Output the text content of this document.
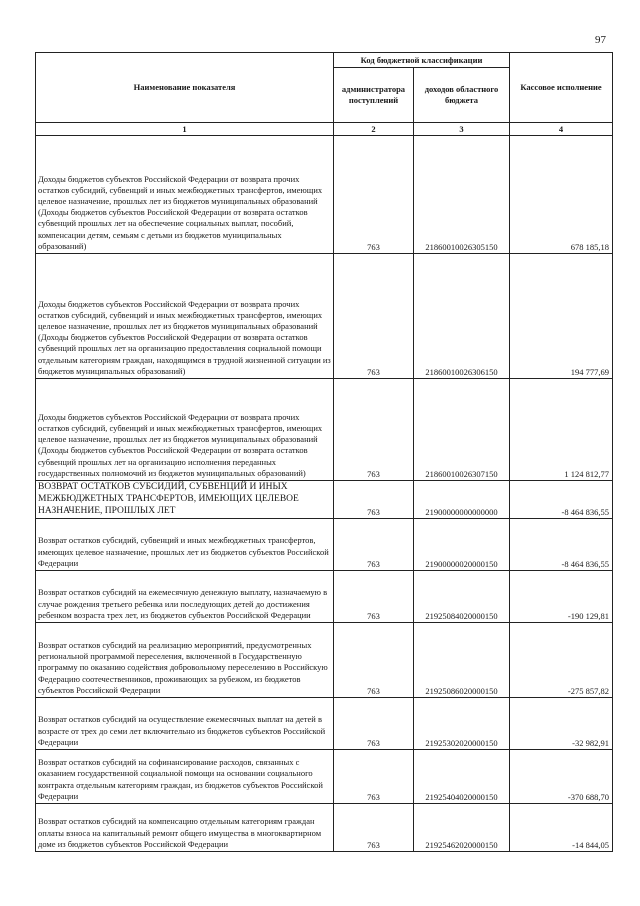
97
Наименование показателя	Код бюджетной классификации		Кассовое исполнение
	администратора поступлений	доходов областного бюджета	
1	2	3	4
Доходы бюджетов субъектов Российской Федерации от возврата прочих остатков субсидий, субвенций и иных межбюджетных трансфертов, имеющих целевое назначение, прошлых лет из бюджетов муниципальных образований (Доходы бюджетов субъектов Российской Федерации от возврата остатков субвенций прошлых лет на обеспечение социальных выплат, пособий, компенсации детям, семьям с детьми из бюджетов муниципальных образований)	763	21860010026305150	678 185,18
Доходы бюджетов субъектов Российской Федерации от возврата прочих остатков субсидий, субвенций и иных межбюджетных трансфертов, имеющих целевое назначение, прошлых лет из бюджетов муниципальных образований (Доходы бюджетов субъектов Российской Федерации от возврата остатков субвенций прошлых лет на организацию предоставления социальной помощи отдельным категориям граждан, находящимся в трудной жизненной ситуации из бюджетов муниципальных образований)	763	21860010026306150	194 777,69
Доходы бюджетов субъектов Российской Федерации от возврата прочих остатков субсидий, субвенций и иных межбюджетных трансфертов, имеющих целевое назначение, прошлых лет из бюджетов муниципальных образований (Доходы бюджетов субъектов Российской Федерации от возврата остатков субвенций прошлых лет на организацию исполнения переданных государственных полномочий из бюджетов муниципальных образований)	763	21860010026307150	1 124 812,77
ВОЗВРАТ ОСТАТКОВ СУБСИДИЙ, СУБВЕНЦИЙ И ИНЫХ МЕЖБЮДЖЕТНЫХ ТРАНСФЕРТОВ, ИМЕЮЩИХ ЦЕЛЕВОЕ НАЗНАЧЕНИЕ, ПРОШЛЫХ ЛЕТ	763	21900000000000000	-8 464 836,55
Возврат остатков субсидий, субвенций и иных межбюджетных трансфертов, имеющих целевое назначение, прошлых лет из бюджетов субъектов Российской Федерации	763	21900000020000150	-8 464 836,55
Возврат остатков субсидий на ежемесячную денежную выплату, назначаемую в случае рождения третьего ребенка или последующих детей до достижения ребенком возраста трех лет, из бюджетов субъектов Российской Федерации	763	21925084020000150	-190 129,81
Возврат остатков субсидий на реализацию мероприятий, предусмотренных региональной программой переселения, включенной в Государственную программу по оказанию содействия добровольному переселению в Российскую Федерацию соотечественников, проживающих за рубежом, из бюджетов субъектов Российской Федерации	763	21925086020000150	-275 857,82
Возврат остатков субсидий на осуществление ежемесячных выплат на детей в возрасте от трех до семи лет включительно из бюджетов субъектов Российской Федерации	763	21925302020000150	-32 982,91
Возврат остатков субсидий на софинансирование расходов, связанных с оказанием государственной социальной помощи на основании социального контракта отдельным категориям граждан, из бюджетов субъектов Российской Федерации	763	21925404020000150	-370 688,70
Возврат остатков субсидий на компенсацию отдельным категориям граждан оплаты взноса на капитальный ремонт общего имущества в многоквартирном доме из бюджетов субъектов Российской Федерации	763	21925462020000150	-14 844,05
